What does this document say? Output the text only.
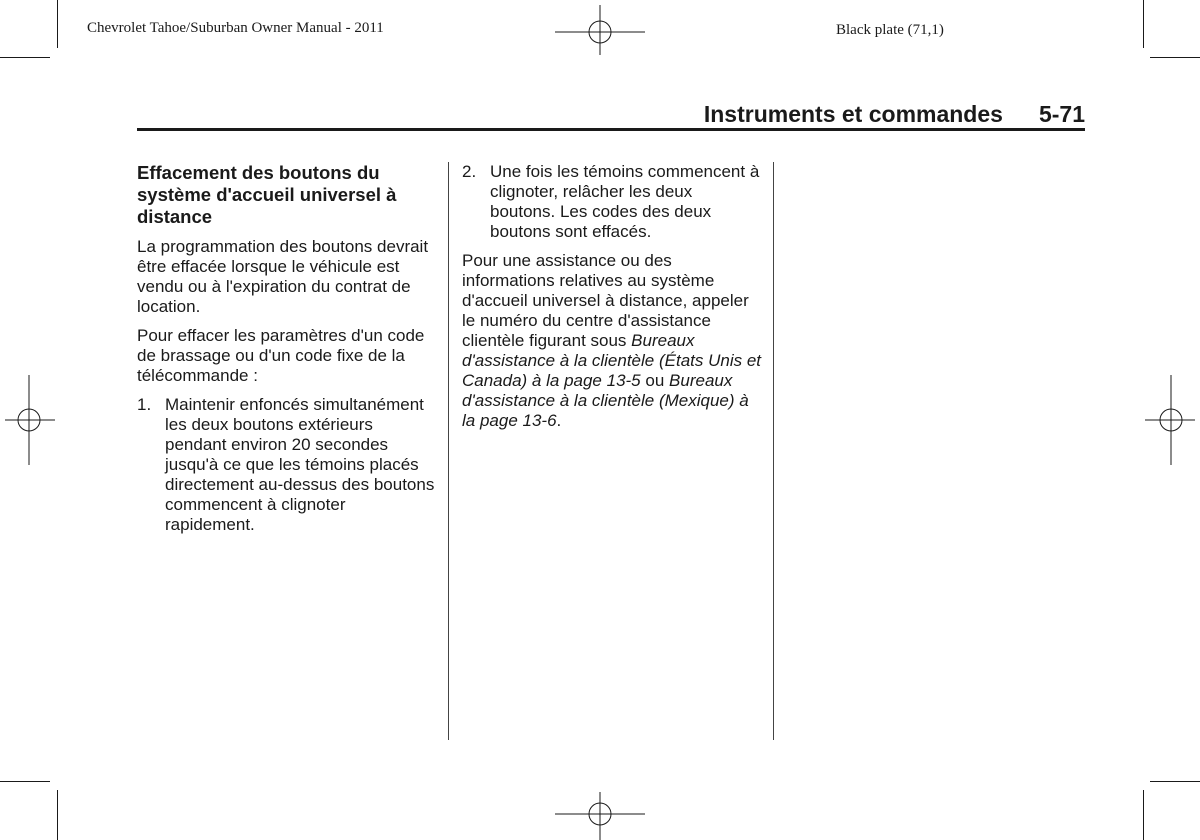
Chevrolet Tahoe/Suburban Owner Manual - 2011	Black plate (71,1)
Instruments et commandes 5-71
Effacement des boutons du système d'accueil universel à distance
La programmation des boutons devrait être effacée lorsque le véhicule est vendu ou à l'expiration du contrat de location.
Pour effacer les paramètres d'un code de brassage ou d'un code fixe de la télécommande :
1. Maintenir enfoncés simultanément les deux boutons extérieurs pendant environ 20 secondes jusqu'à ce que les témoins placés directement au-dessus des boutons commencent à clignoter rapidement.
2. Une fois les témoins commencent à clignoter, relâcher les deux boutons. Les codes des deux boutons sont effacés.
Pour une assistance ou des informations relatives au système d'accueil universel à distance, appeler le numéro du centre d'assistance clientèle figurant sous Bureaux d'assistance à la clientèle (États Unis et Canada) à la page 13-5 ou Bureaux d'assistance à la clientèle (Mexique) à la page 13-6.
